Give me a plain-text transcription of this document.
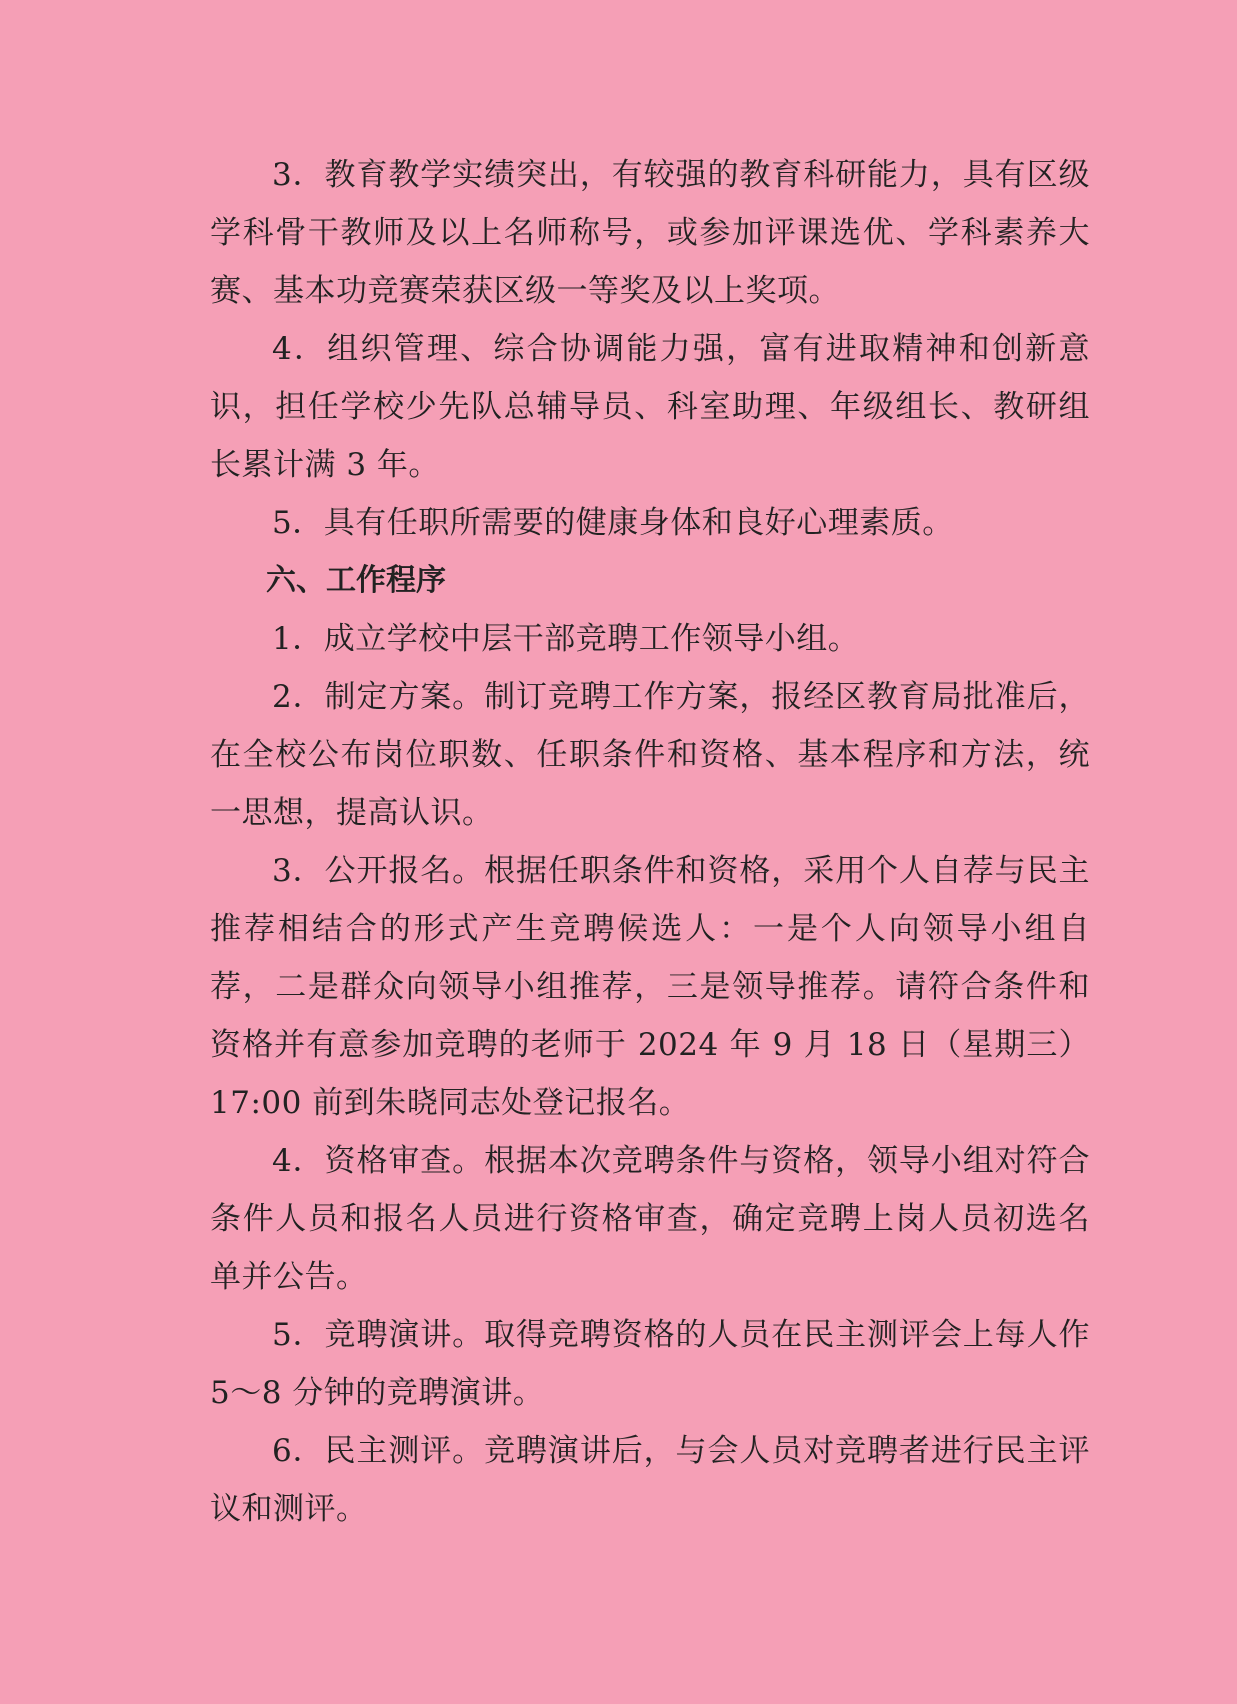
3．教育教学实绩突出，有较强的教育科研能力，具有区级学科骨干教师及以上名师称号，或参加评课选优、学科素养大赛、基本功竞赛荣获区级一等奖及以上奖项。

4．组织管理、综合协调能力强，富有进取精神和创新意识，担任学校少先队总辅导员、科室助理、年级组长、教研组长累计满 3 年。

5．具有任职所需要的健康身体和良好心理素质。

六、工作程序

1．成立学校中层干部竞聘工作领导小组。

2．制定方案。制订竞聘工作方案，报经区教育局批准后，在全校公布岗位职数、任职条件和资格、基本程序和方法，统一思想，提高认识。

3．公开报名。根据任职条件和资格，采用个人自荐与民主推荐相结合的形式产生竞聘候选人：一是个人向领导小组自荐，二是群众向领导小组推荐，三是领导推荐。请符合条件和资格并有意参加竞聘的老师于 2024 年 9 月 18 日（星期三）17:00 前到朱晓同志处登记报名。

4．资格审查。根据本次竞聘条件与资格，领导小组对符合条件人员和报名人员进行资格审查，确定竞聘上岗人员初选名单并公告。

5．竞聘演讲。取得竞聘资格的人员在民主测评会上每人作 5～8 分钟的竞聘演讲。

6．民主测评。竞聘演讲后，与会人员对竞聘者进行民主评议和测评。
